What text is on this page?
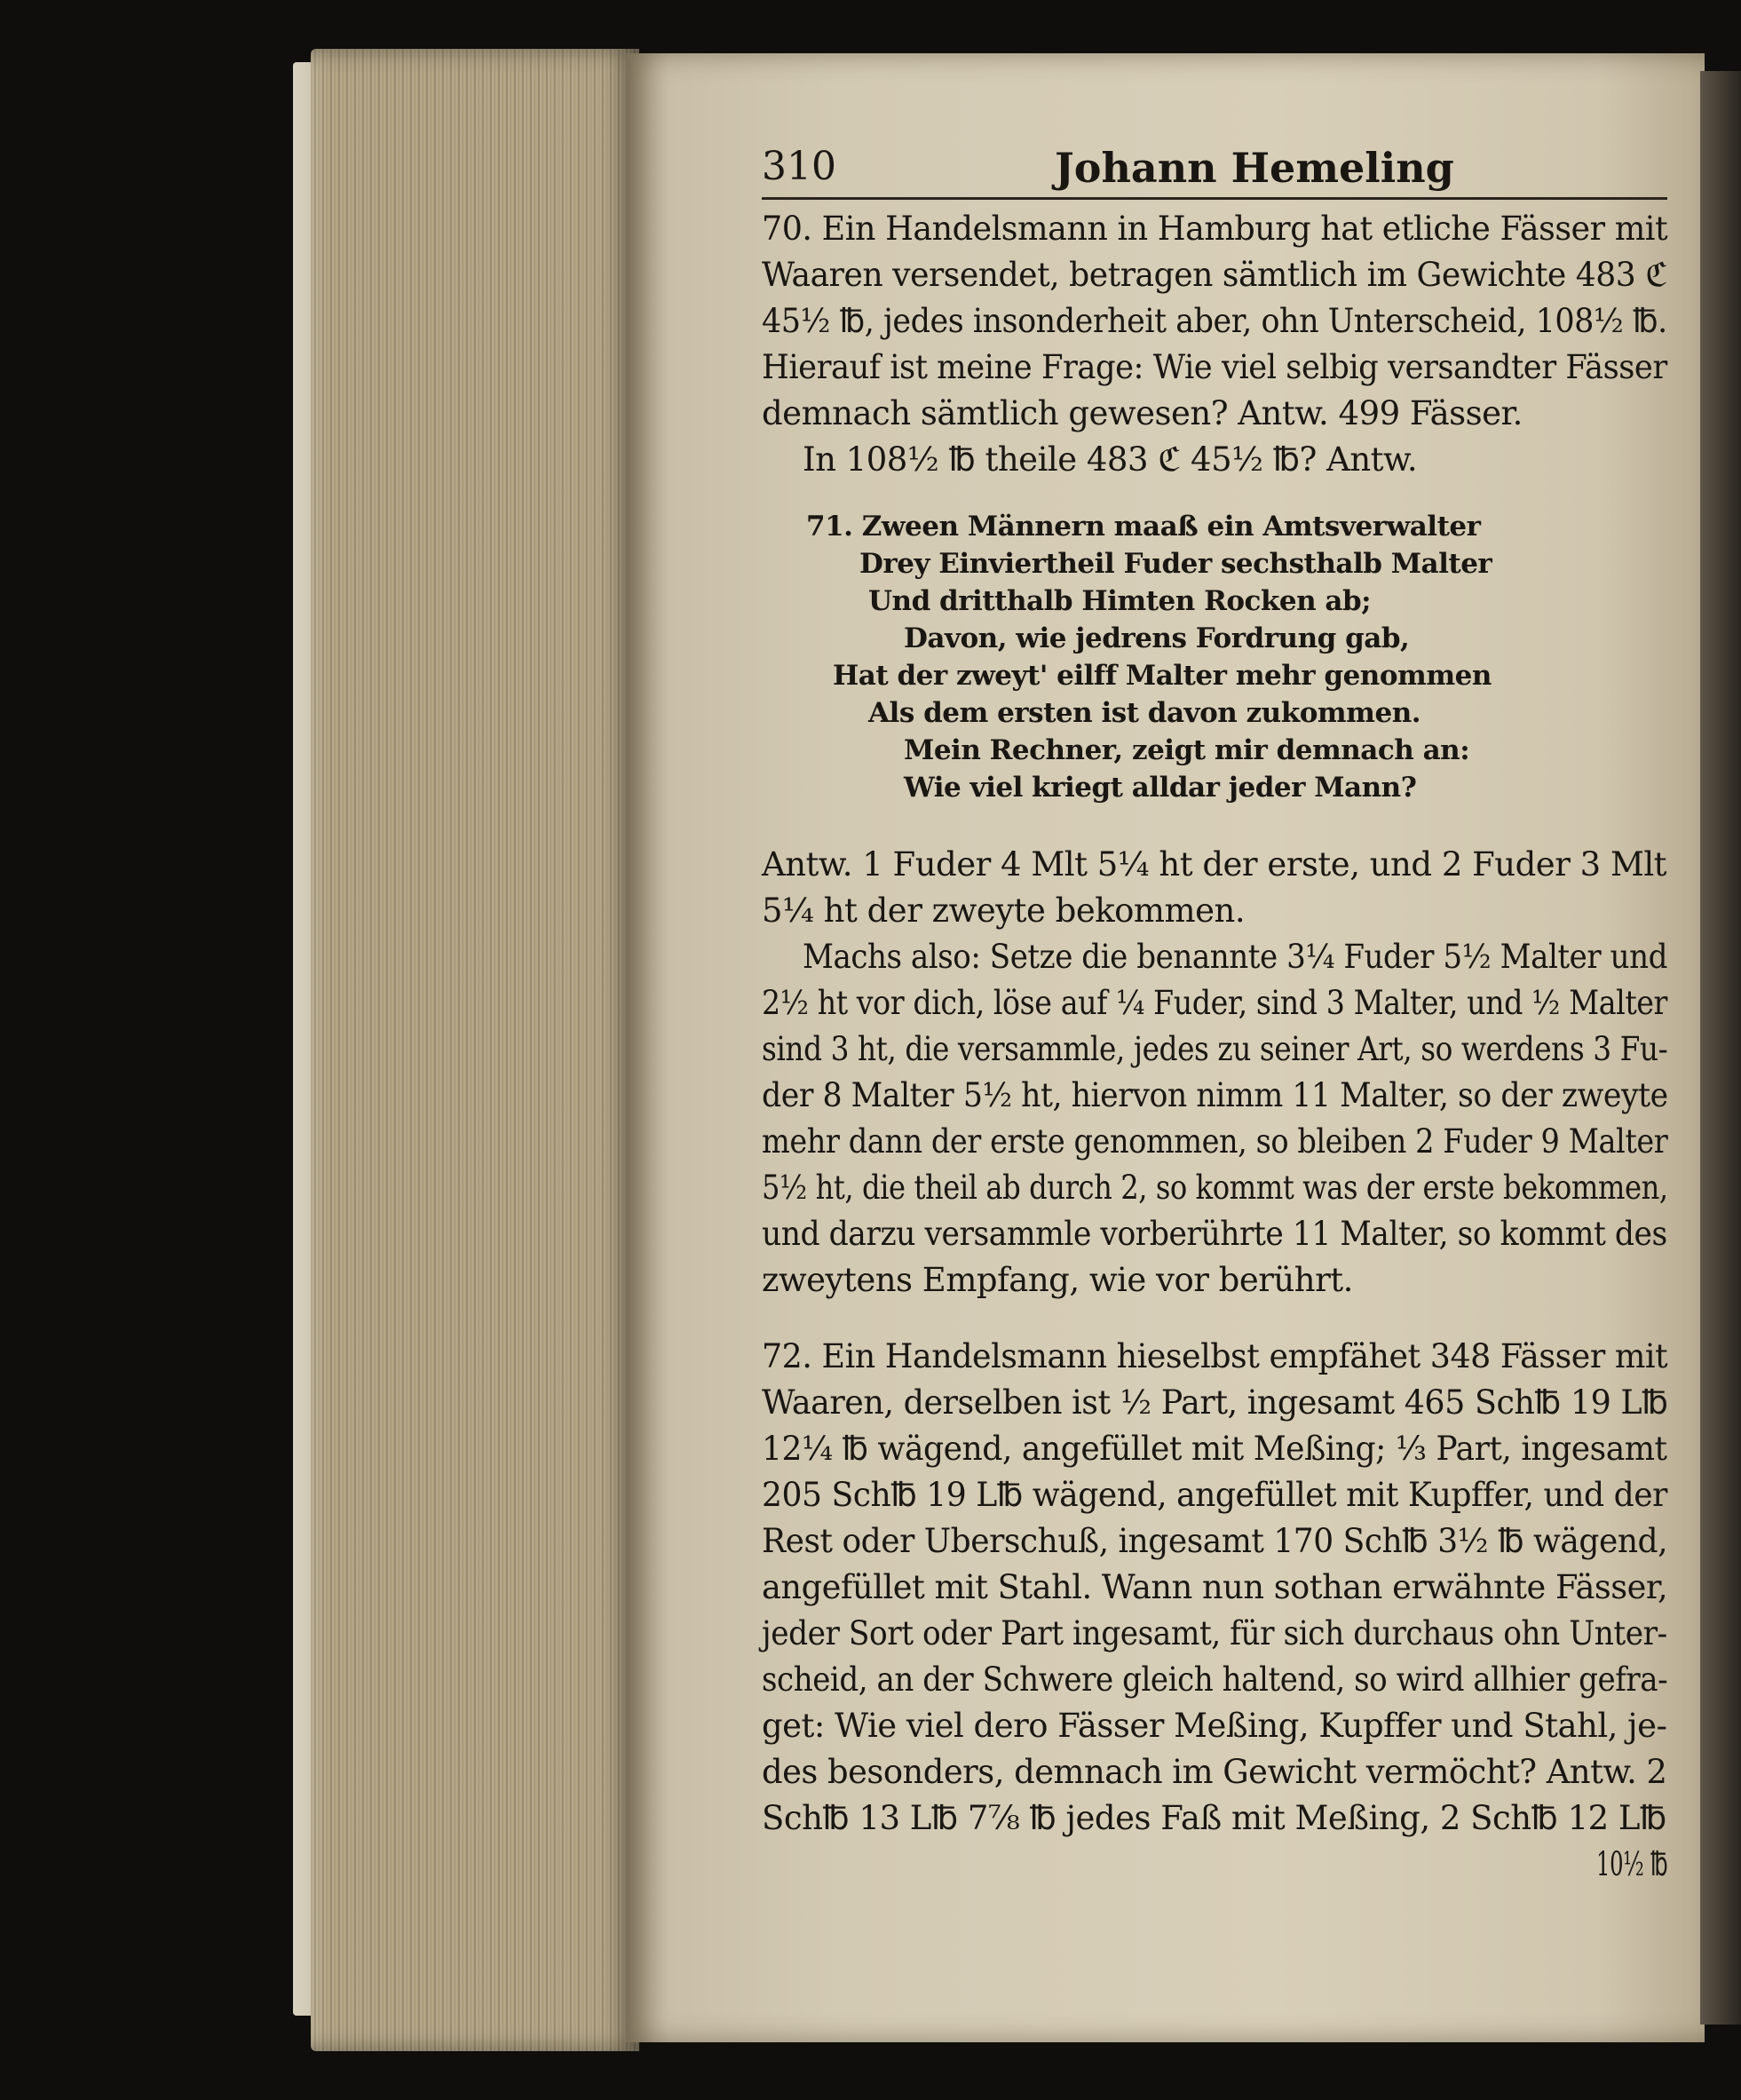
310	Johann Hemeling
70. Ein Handelsmann in Hamburg hat etliche Fässer mit
Waaren versendet, betragen sämtlich im Gewichte 483 ℭ
45½ ℔, jedes insonderheit aber, ohn Unterscheid, 108½ ℔.
Hierauf ist meine Frage: Wie viel selbig versandter Fässer
demnach sämtlich gewesen? Antw. 499 Fässer.
In 108½ ℔ theile 483 ℭ 45½ ℔? Antw.
71. Zween Männern maaß ein Amtsverwalter
Drey Einviertheil Fuder sechsthalb Malter
Und dritthalb Himten Rocken ab;
Davon, wie jedrens Fordrung gab,
Hat der zweyt' eilff Malter mehr genommen
Als dem ersten ist davon zukommen.
Mein Rechner, zeigt mir demnach an:
Wie viel kriegt alldar jeder Mann?
Antw. 1 Fuder 4 Mlt 5¼ ht der erste, und 2 Fuder 3 Mlt
5¼ ht der zweyte bekommen.
Machs also: Setze die benannte 3¼ Fuder 5½ Malter und
2½ ht vor dich, löse auf ¼ Fuder, sind 3 Malter, und ½ Malter
sind 3 ht, die versammle, jedes zu seiner Art, so werdens 3 Fu-
der 8 Malter 5½ ht, hiervon nimm 11 Malter, so der zweyte
mehr dann der erste genommen, so bleiben 2 Fuder 9 Malter
5½ ht, die theil ab durch 2, so kommt was der erste bekommen,
und darzu versammle vorberührte 11 Malter, so kommt des
zweytens Empfang, wie vor berührt.
72. Ein Handelsmann hieselbst empfähet 348 Fässer mit
Waaren, derselben ist ½ Part, ingesamt 465 Sch℔ 19 L℔
12¼ ℔ wägend, angefüllet mit Meßing; ⅓ Part, ingesamt
205 Sch℔ 19 L℔ wägend, angefüllet mit Kupffer, und der
Rest oder Uberschuß, ingesamt 170 Sch℔ 3½ ℔ wägend,
angefüllet mit Stahl. Wann nun sothan erwähnte Fässer,
jeder Sort oder Part ingesamt, für sich durchaus ohn Unter-
scheid, an der Schwere gleich haltend, so wird allhier gefra-
get: Wie viel dero Fässer Meßing, Kupffer und Stahl, je-
des besonders, demnach im Gewicht vermöcht? Antw. 2
Sch℔ 13 L℔ 7⅞ ℔ jedes Faß mit Meßing, 2 Sch℔ 12 L℔
10½ ℔
